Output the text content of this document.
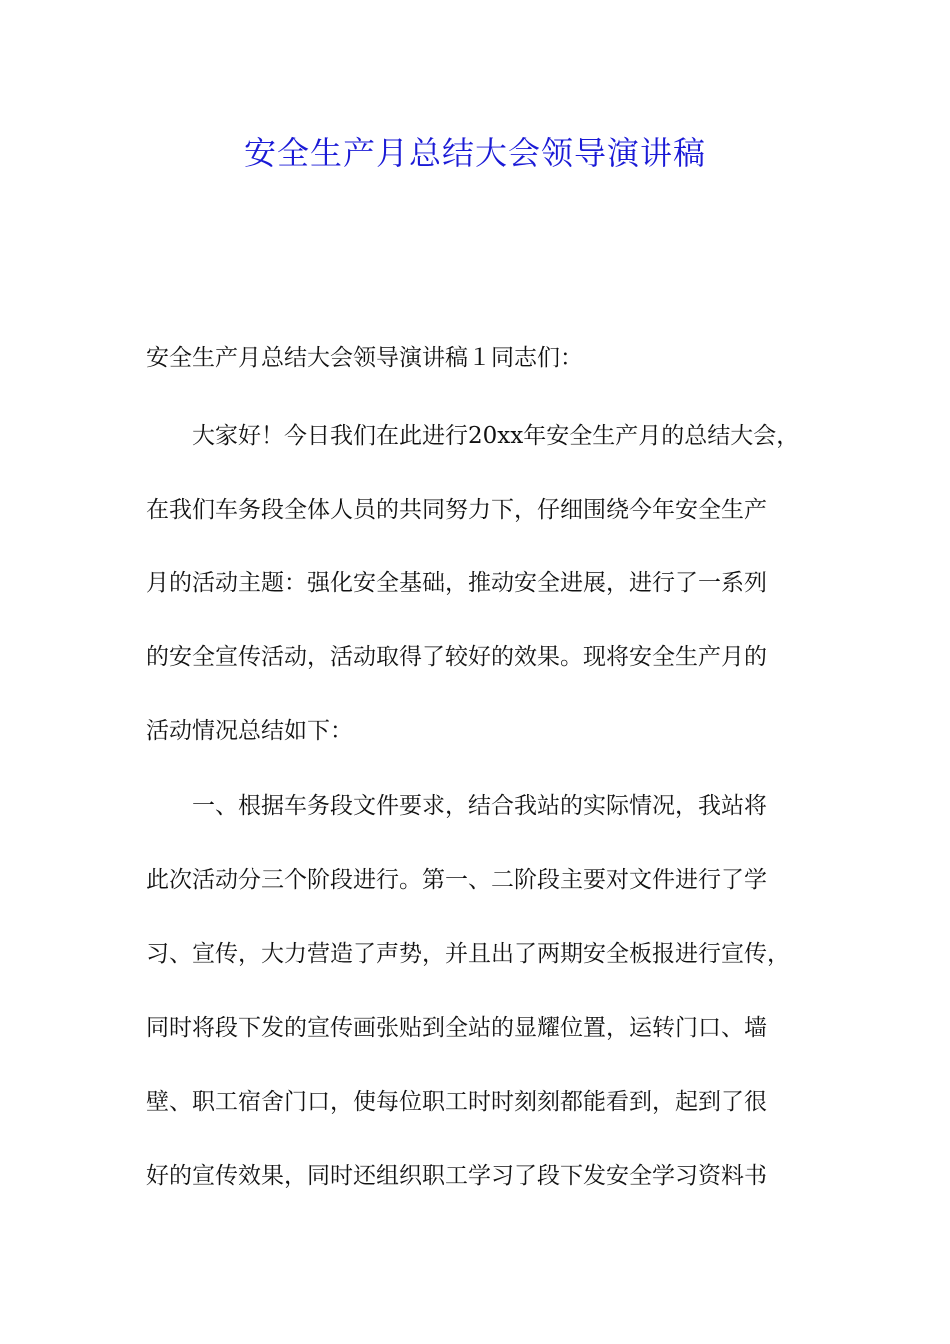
安全生产月总结大会领导演讲稿
安全生产月总结大会领导演讲稿１同志们：
大家好！今日我们在此进行20xx年安全生产月的总结大会，
在我们车务段全体人员的共同努力下，仔细围绕今年安全生产
月的活动主题：强化安全基础，推动安全进展，进行了一系列
的安全宣传活动，活动取得了较好的效果。现将安全生产月的
活动情况总结如下：
一、根据车务段文件要求，结合我站的实际情况，我站将
此次活动分三个阶段进行。第一、二阶段主要对文件进行了学
习、宣传，大力营造了声势，并且出了两期安全板报进行宣传，
同时将段下发的宣传画张贴到全站的显耀位置，运转门口、墙
壁、职工宿舍门口，使每位职工时时刻刻都能看到，起到了很
好的宣传效果，同时还组织职工学习了段下发安全学习资料书
